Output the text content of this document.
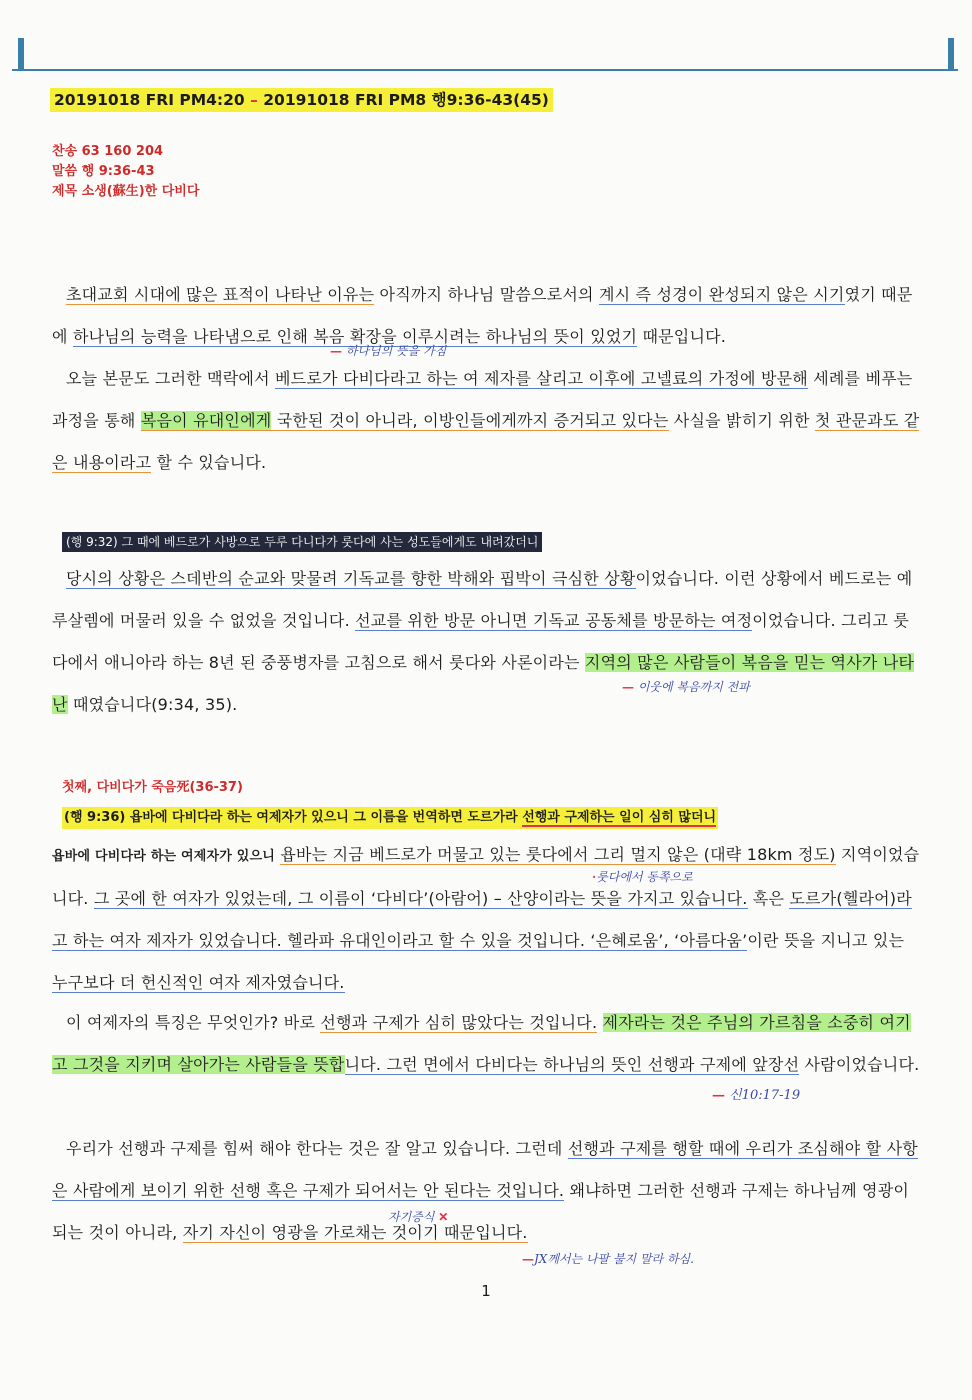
20191018 FRI PM4:20 – 20191018 FRI PM8 행9:36-43(45)
찬송 63 160 204
말씀 행 9:36-43
제목 소생(蘇生)한 다비다
초대교회 시대에 많은 표적이 나타난 이유는 아직까지 하나님 말씀으로서의 계시 즉 성경이 완성되지 않은 시기였기 때문에 하나님의 능력을 나타냄으로 인해 복음 확장을 이루시려는 하나님의 뜻이 있었기 때문입니다.
오늘 본문도 그러한 맥락에서 베드로가 다비다라고 하는 여 제자를 살리고 이후에 고넬료의 가정에 방문해 세례를 베푸는 과정을 통해 복음이 유대인에게 국한된 것이 아니라, 이방인들에게까지 증거되고 있다는 사실을 밝히기 위한 첫 관문과도 같은 내용이라고 할 수 있습니다.
(행 9:32) 그 때에 베드로가 사방으로 두루 다니다가 룻다에 사는 성도들에게도 내려갔더니
당시의 상황은 스데반의 순교와 맞물려 기독교를 향한 박해와 핍박이 극심한 상황이었습니다. 이런 상황에서 베드로는 예루살렘에 머물러 있을 수 없었을 것입니다. 선교를 위한 방문 아니면 기독교 공동체를 방문하는 여정이었습니다. 그리고 룻다에서 애니아라 하는 8년 된 중풍병자를 고침으로 해서 룻다와 사론이라는 지역의 많은 사람들이 복음을 믿는 역사가 나타난 때였습니다(9:34, 35).
첫째, 다비다가 죽음死(36-37)
(행 9:36) 욥바에 다비다라 하는 여제자가 있으니 그 이름을 번역하면 도르가라 선행과 구제하는 일이 심히 많더니
욥바에 다비다라 하는 여제자가 있으니 욥바는 지금 베드로가 머물고 있는 룻다에서 그리 멀지 않은 (대략 18km 정도) 지역이었습니다. 그 곳에 한 여자가 있었는데, 그 이름이 ‘다비다’(아람어) – 산양이라는 뜻을 가지고 있습니다. 혹은 도르가(헬라어)라고 하는 여자 제자가 있었습니다. 헬라파 유대인이라고 할 수 있을 것입니다. ‘은혜로움’, ‘아름다움’이란 뜻을 지니고 있는 누구보다 더 헌신적인 여자 제자였습니다.
이 여제자의 특징은 무엇인가? 바로 선행과 구제가 심히 많았다는 것입니다. 제자라는 것은 주님의 가르침을 소중히 여기고 그것을 지키며 살아가는 사람들을 뜻합니다. 그런 면에서 다비다는 하나님의 뜻인 선행과 구제에 앞장선 사람이었습니다.
우리가 선행과 구제를 힘써 해야 한다는 것은 잘 알고 있습니다. 그런데 선행과 구제를 행할 때에 우리가 조심해야 할 사항은 사람에게 보이기 위한 선행 혹은 구제가 되어서는 안 된다는 것입니다. 왜냐하면 그러한 선행과 구제는 하나님께 영광이 되는 것이 아니라, 자기 자신이 영광을 가로채는 것이기 때문입니다.
— 하나님의 뜻을 가짐
— 이웃에 복음까지 전파
·룻다에서 동쪽으로
— 신10:17-19
자기증식 ✕
—JX께서는 나팔 불지 말라 하심.
1
